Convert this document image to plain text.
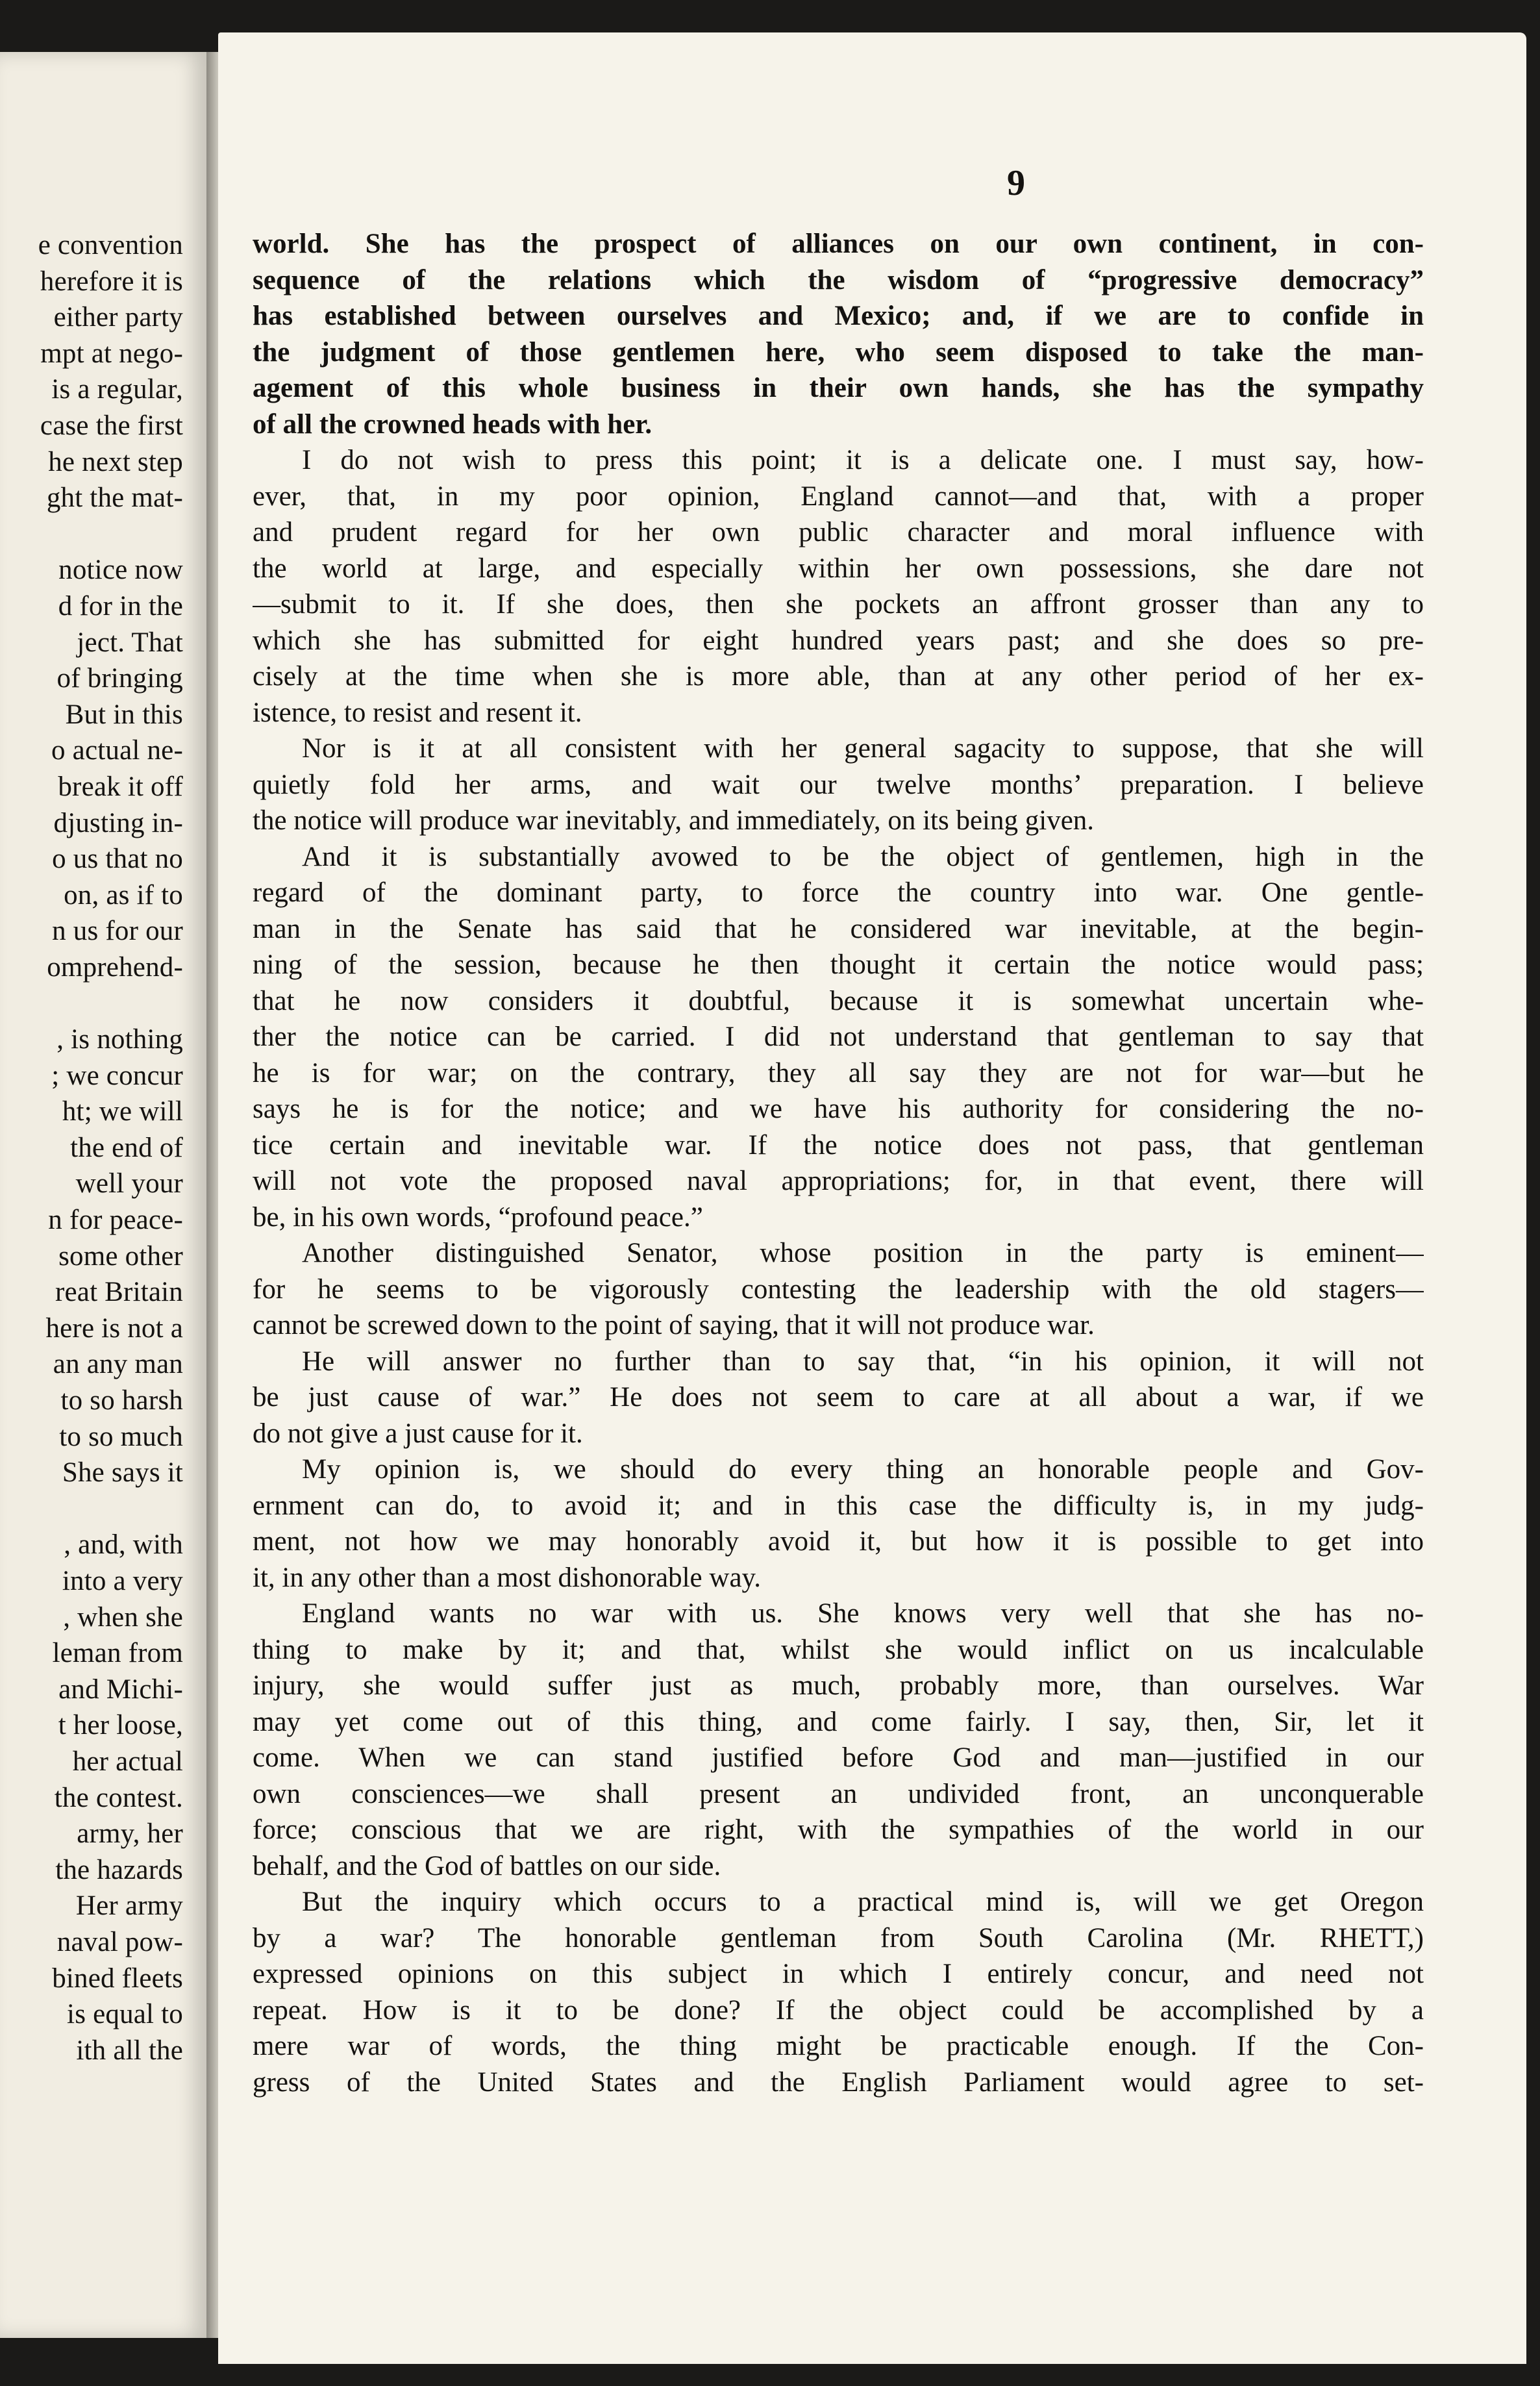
e convention
herefore it is
either party
mpt at nego-
is a regular,
case the first
he next step
ght the mat-
notice now
d for in the
ject. That
of bringing
But in this
o actual ne-
break it off
djusting in-
o us that no
on, as if to
n us for our
omprehend-
, is nothing
; we concur
ht; we will
the end of
well your
n for peace-
some other
reat Britain
here is not a
an any man
to so harsh
to so much
She says it
, and, with
into a very
, when she
leman from
and Michi-
t her loose,
her actual
the contest.
army, her
the hazards
Her army
naval pow-
bined fleets
is equal to
ith all the
9
world. She has the prospect of alliances on our own continent, in con-
sequence of the relations which the wisdom of “progressive democracy”
has established between ourselves and Mexico; and, if we are to confide in
the judgment of those gentlemen here, who seem disposed to take the man-
agement of this whole business in their own hands, she has the sympathy
of all the crowned heads with her.
I do not wish to press this point; it is a delicate one. I must say, how-
ever, that, in my poor opinion, England cannot—and that, with a proper
and prudent regard for her own public character and moral influence with
the world at large, and especially within her own possessions, she dare not
—submit to it. If she does, then she pockets an affront grosser than any to
which she has submitted for eight hundred years past; and she does so pre-
cisely at the time when she is more able, than at any other period of her ex-
istence, to resist and resent it.
Nor is it at all consistent with her general sagacity to suppose, that she will
quietly fold her arms, and wait our twelve months’ preparation. I believe
the notice will produce war inevitably, and immediately, on its being given.
And it is substantially avowed to be the object of gentlemen, high in the
regard of the dominant party, to force the country into war. One gentle-
man in the Senate has said that he considered war inevitable, at the begin-
ning of the session, because he then thought it certain the notice would pass;
that he now considers it doubtful, because it is somewhat uncertain whe-
ther the notice can be carried. I did not understand that gentleman to say that
he is for war; on the contrary, they all say they are not for war—but he
says he is for the notice; and we have his authority for considering the no-
tice certain and inevitable war. If the notice does not pass, that gentleman
will not vote the proposed naval appropriations; for, in that event, there will
be, in his own words, “profound peace.”
Another distinguished Senator, whose position in the party is eminent—
for he seems to be vigorously contesting the leadership with the old stagers—
cannot be screwed down to the point of saying, that it will not produce war.
He will answer no further than to say that, “in his opinion, it will not
be just cause of war.” He does not seem to care at all about a war, if we
do not give a just cause for it.
My opinion is, we should do every thing an honorable people and Gov-
ernment can do, to avoid it; and in this case the difficulty is, in my judg-
ment, not how we may honorably avoid it, but how it is possible to get into
it, in any other than a most dishonorable way.
England wants no war with us. She knows very well that she has no-
thing to make by it; and that, whilst she would inflict on us incalculable
injury, she would suffer just as much, probably more, than ourselves. War
may yet come out of this thing, and come fairly. I say, then, Sir, let it
come. When we can stand justified before God and man—justified in our
own consciences—we shall present an undivided front, an unconquerable
force; conscious that we are right, with the sympathies of the world in our
behalf, and the God of battles on our side.
But the inquiry which occurs to a practical mind is, will we get Oregon
by a war? The honorable gentleman from South Carolina (Mr. RHETT,)
expressed opinions on this subject in which I entirely concur, and need not
repeat. How is it to be done? If the object could be accomplished by a
mere war of words, the thing might be practicable enough. If the Con-
gress of the United States and the English Parliament would agree to set-
